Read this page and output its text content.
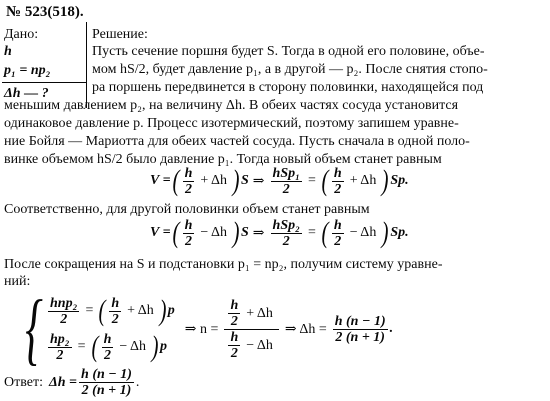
№ 523(518).
Дано:
h
p₁ = np₂
Δh — ?
Решение:
Пусть сечение поршня будет S. Тогда в одной его половине, объе-
мом hS/2, будет давление p₁, а в другой — p₂. После снятия стопо-
ра поршень передвинется в сторону половинки, находящейся под
меньшим давлением p₂, на величину Δh. В обеих частях сосуда установится
одинаковое давление p. Процесс изотермический, поэтому запишем уравне-
ние Бойля — Мариотта для обеих частей сосуда. Пусть сначала в одной поло-
винке объемом hS/2 было давление p₁. Тогда новый объем станет равным
V = ( $\frac{h}{2} + \Delta h$ ) S ⇒ $\frac{\text{hSp₁}}{2}$ = ( $\frac{h}{2} + \Delta h$ ) Sp.
Соответственно, для другой половинки объем станет равным
V = ( $\frac{h}{2} - \Delta h$ ) S ⇒ $\frac{\text{hSp₂}}{2}$ = ( $\frac{h}{2} - \Delta h$ ) Sp.
После сокращения на S и подстановки p₁ = np₂, получим систему уравне-
ний:
{ $\frac{\text{hnp₂}}{2}$ = ( $\frac{h}{2} + \Delta h$ ) p
$\frac{\text{hp₂}}{2}$ = ( $\frac{h}{2} - \Delta h$ ) p
⇒ $n = \frac{\frac{h}{2} + \Delta h}{\frac{h}{2} - \Delta h}$ ⇒ $\Delta h = \frac{h (n - 1)}{2 (n + 1)}$ .
Ответ: $\Delta h = \frac{h (n - 1)}{2 (n + 1)}$ .
